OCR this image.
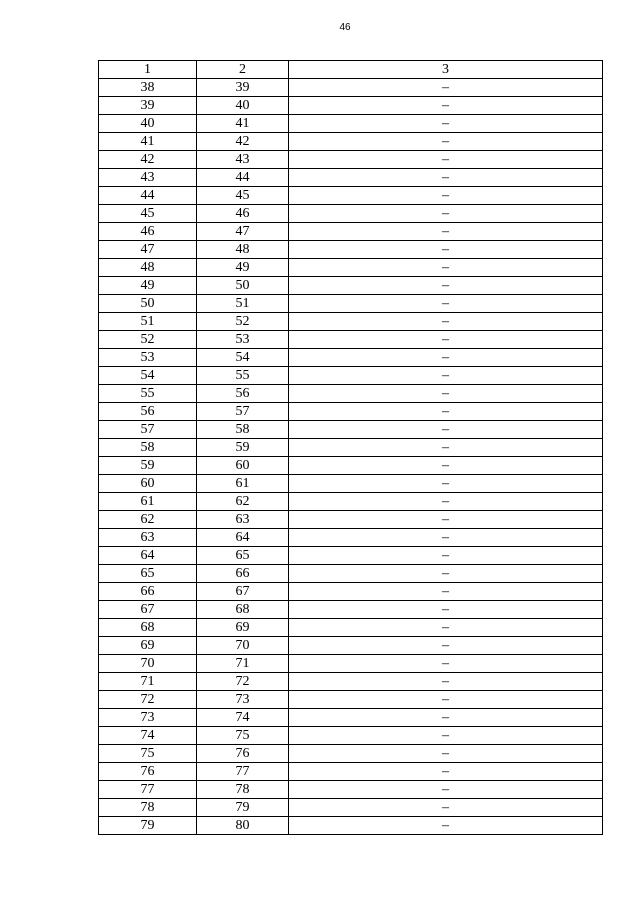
46
1	2	3
38	39	–
39	40	–
40	41	–
41	42	–
42	43	–
43	44	–
44	45	–
45	46	–
46	47	–
47	48	–
48	49	–
49	50	–
50	51	–
51	52	–
52	53	–
53	54	–
54	55	–
55	56	–
56	57	–
57	58	–
58	59	–
59	60	–
60	61	–
61	62	–
62	63	–
63	64	–
64	65	–
65	66	–
66	67	–
67	68	–
68	69	–
69	70	–
70	71	–
71	72	–
72	73	–
73	74	–
74	75	–
75	76	–
76	77	–
77	78	–
78	79	–
79	80	–
